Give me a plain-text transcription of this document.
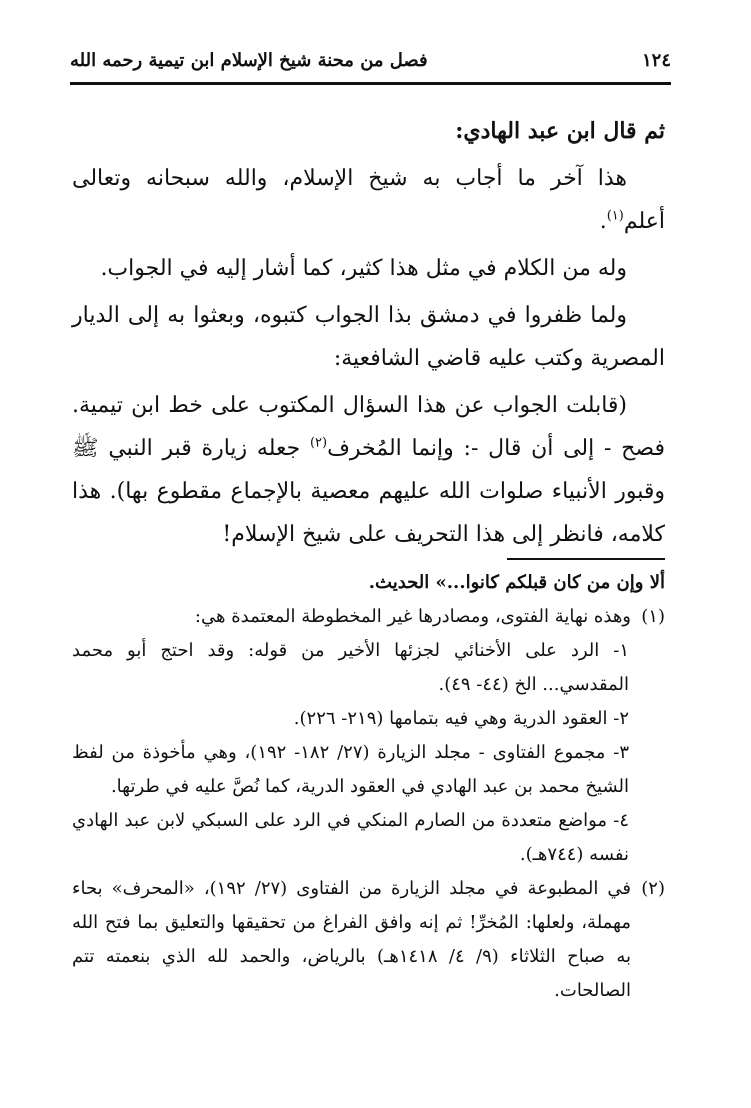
١٢٤
فصل من محنة شيخ الإسلام ابن تيمية رحمه الله

ثم قال ابن عبد الهادي:

هذا آخر ما أجاب به شيخ الإسلام، والله سبحانه وتعالى أعلم$^{(١)}$.

وله من الكلام في مثل هذا كثير، كما أشار إليه في الجواب.

ولما ظفروا في دمشق بذا الجواب كتبوه، وبعثوا به إلى الديار المصرية وكتب عليه قاضي الشافعية:

(قابلت الجواب عن هذا السؤال المكتوب على خط ابن تيمية. فصح - إلى أن قال -: وإنما المُخرف$^{(٢)}$ جعله زيارة قبر النبي ﷺ وقبور الأنبياء صلوات الله عليهم معصية بالإجماع مقطوع بها). هذا كلامه، فانظر إلى هذا التحريف على شيخ الإسلام!

ألا وإن من كان قبلكم كانوا...» الحديث.

(١)
وهذه نهاية الفتوى، ومصادرها غير المخطوطة المعتمدة هي:

١- الرد على الأخنائي لجزئها الأخير من قوله: وقد احتج أبو محمد المقدسي... الخ (٤٤- ٤٩).

٢- العقود الدرية وهي فيه بتمامها (٢١٩- ٢٢٦).

٣- مجموع الفتاوى - مجلد الزيارة (٢٧/ ١٨٢- ١٩٢)، وهي مأخوذة من لفظ الشيخ محمد بن عبد الهادي في العقود الدرية، كما نُصَّ عليه في طرتها.

٤- مواضع متعددة من الصارم المنكي في الرد على السبكي لابن عبد الهادي نفسه (٧٤٤هـ).

(٢)
في المطبوعة في مجلد الزيارة من الفتاوى (٢٧/ ١٩٢)، «المحرف» بحاء مهملة، ولعلها: المُخرِّ! ثم إنه وافق الفراغ من تحقيقها والتعليق بما فتح الله به صباح الثلاثاء (٩/ ٤/ ١٤١٨هـ) بالرياض، والحمد لله الذي بنعمته تتم الصالحات.
